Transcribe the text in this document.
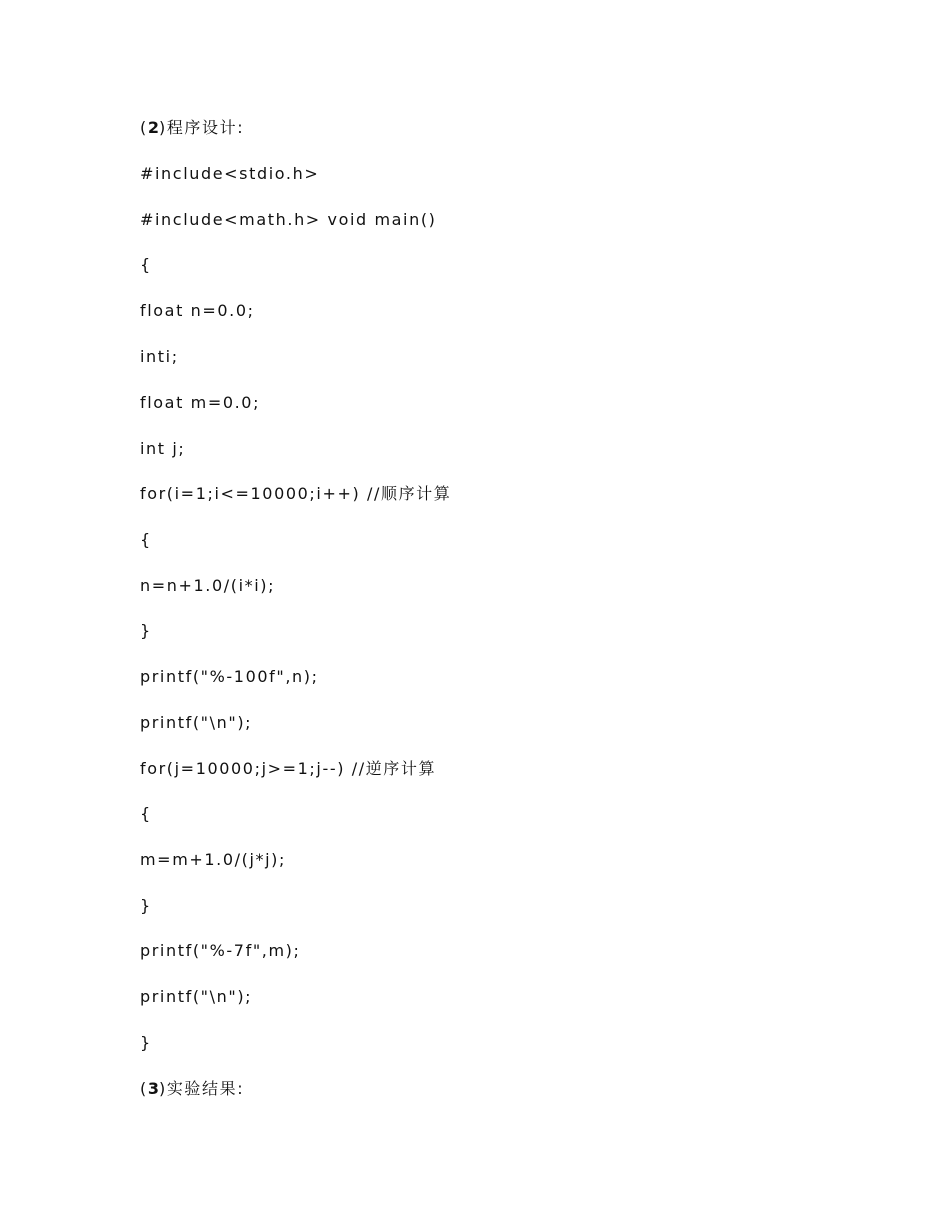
(2)程序设计:
#include<stdio.h>
#include<math.h> void main()
{
float n=0.0;
inti;
float m=0.0;
int j;
for(i=1;i<=10000;i++) //顺序计算
{
n=n+1.0/(i*i);
}
printf("%-100f",n);
printf("\n");
for(j=10000;j>=1;j--) //逆序计算
{
m=m+1.0/(j*j);
}
printf("%-7f",m);
printf("\n");
}
(3)实验结果:
